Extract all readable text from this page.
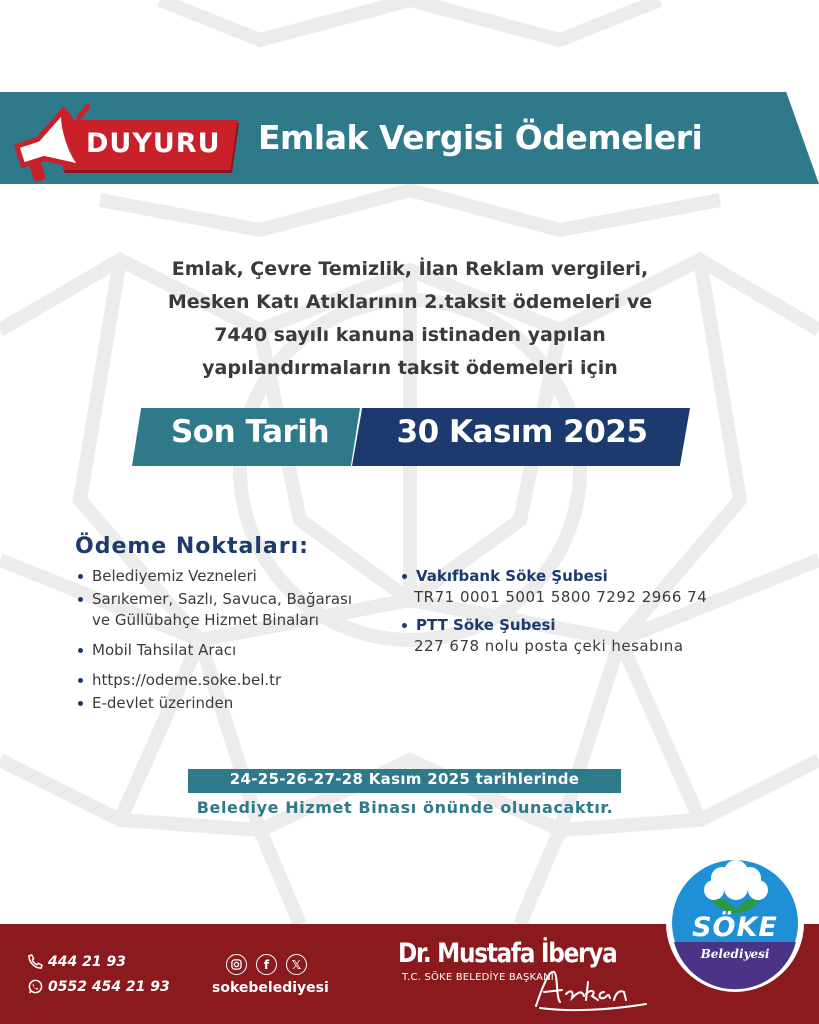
DUYURU Emlak Vergisi Ödemeleri
Emlak, Çevre Temizlik, İlan Reklam vergileri,
Mesken Katı Atıklarının 2.taksit ödemeleri ve
7440 sayılı kanuna istinaden yapılan
yapılandırmaların taksit ödemeleri için
Son Tarih	30 Kasım 2025
Ödeme Noktaları:
Belediyemiz Vezneleri
Sarıkemer, Sazlı, Savuca, Bağarası
ve Güllübahçe Hizmet Binaları
Mobil Tahsilat Aracı
https://odeme.soke.bel.tr
E-devlet üzerinden
Vakıfbank Söke Şubesi
TR71 0001 5001 5800 7292 2966 74
PTT Söke Şubesi
227 678 nolu posta çeki hesabına
24-25-26-27-28 Kasım 2025 tarihlerinde
Belediye Hizmet Binası önünde olunacaktır.
444 21 93
0552 454 21 93
f	𝕏
sokebelediyesi
Dr. Mustafa İberya
T.C. SÖKE BELEDİYE BAŞKANI
SÖKE
Belediyesi
